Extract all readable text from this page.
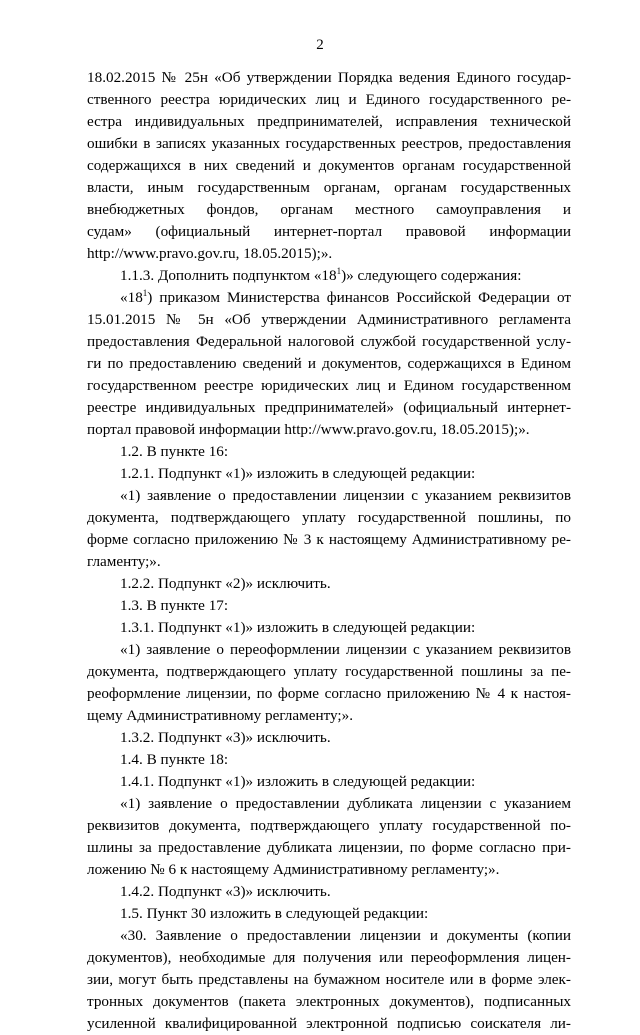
2
18.02.2015 № 25н «Об утверждении Порядка ведения Единого государ-
ственного реестра юридических лиц и Единого государственного ре-
естра индивидуальных предпринимателей, исправления технической
ошибки в записях указанных государственных реестров, предоставления
содержащихся в них сведений и документов органам государственной
власти, иным государственным органам, органам государственных
внебюджетных фондов, органам местного самоуправления и
судам» (официальный интернет-портал правовой информации
http://www.pravo.gov.ru, 18.05.2015);».
1.1.3. Дополнить подпунктом «$18^1$)» следующего содержания:
«$18^1$) приказом Министерства финансов Российской Федерации от
15.01.2015 № 5н «Об утверждении Административного регламента
предоставления Федеральной налоговой службой государственной услу-
ги по предоставлению сведений и документов, содержащихся в Едином
государственном реестре юридических лиц и Едином государственном
реестре индивидуальных предпринимателей» (официальный интернет-
портал правовой информации http://www.pravo.gov.ru, 18.05.2015);».
1.2. В пункте 16:
1.2.1. Подпункт «1)» изложить в следующей редакции:
«1) заявление о предоставлении лицензии с указанием реквизитов
документа, подтверждающего уплату государственной пошлины, по
форме согласно приложению № 3 к настоящему Административному ре-
гламенту;».
1.2.2. Подпункт «2)» исключить.
1.3. В пункте 17:
1.3.1. Подпункт «1)» изложить в следующей редакции:
«1) заявление о переоформлении лицензии с указанием реквизитов
документа, подтверждающего уплату государственной пошлины за пе-
реоформление лицензии, по форме согласно приложению № 4 к настоя-
щему Административному регламенту;».
1.3.2. Подпункт «3)» исключить.
1.4. В пункте 18:
1.4.1. Подпункт «1)» изложить в следующей редакции:
«1) заявление о предоставлении дубликата лицензии с указанием
реквизитов документа, подтверждающего уплату государственной по-
шлины за предоставление дубликата лицензии, по форме согласно при-
ложению № 6 к настоящему Административному регламенту;».
1.4.2. Подпункт «3)» исключить.
1.5. Пункт 30 изложить в следующей редакции:
«30. Заявление о предоставлении лицензии и документы (копии
документов), необходимые для получения или переоформления лицен-
зии, могут быть представлены на бумажном носителе или в форме элек-
тронных документов (пакета электронных документов), подписанных
усиленной квалифицированной электронной подписью соискателя ли-
